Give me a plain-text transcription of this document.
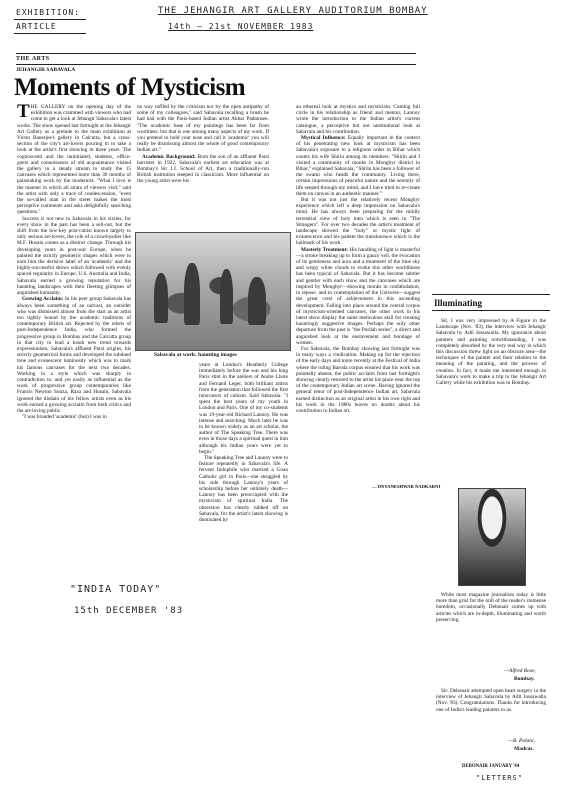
EXHIBITION:
ARTICLE
THE JEHANGIR ART GALLERY AUDITORIUM BOMBAY
14th – 21st NOVEMBER 1983
THE ARTS
JEHANGIR SABAVALA
Moments of Mysticism

THE GALLERY on the opening day of the exhibition was crammed with viewers who had come to get a look at Jehangir Sabavala's latest works. The show opened last fortnight at the Jehangir Art Gallery as a prelude to the main exhibition at Victor Banerjee's gallery in Calcutta, but a cross-section of the city's art-lovers pouring in to take a look at the artist's first showing in three years. The cognoscenti and the uninitiated, students, office-goers and connoisseurs of old acquaintance visited the gallery in a steady stream to study the 15 canvases which represented more than 36 months of painstaking work by the modernist. "What I love is the manner in which all strata of viewers visit," said the artist with only a trace of condescension, "even the so-called man in the street makes the most perceptive comments and asks delightfully searching questions."

Success is not new to Sabavala in his sixties, for every show in the past has been a sell-out, but the shift from the low-key post-cubist known largely to only serious art-lovers, the role of a crowd-puller like M.F. Husain comes as a distinct change. Through his developing years in post-war Europe, when he painted the strictly geometric shapes which were to earn him the derisive label of an 'academic' and the highly-successful shows which followed with evenly spaced regularity in Europe, U.S. Australia and India, Sabavala earned a growing reputation for his haunting landscapes with their fleeting glimpses of anguished humanity.

Growing Acclaim: In his peer group Sabavala has always been something of an outcast, an outsider who was dismissed almost from the start as an artist too tightly bound by the academic traditions of contemporary British art. Rejected by the rebels of post-Independence India, who formed the progressive group in Bombay and the Calcutta group in that city to lead a brash new trend towards expressionism, Sabavala's affluent Parsi origins, his strictly geometrical forms and developed the subdued tone and evanescent luminosity which was to mark his famous canvases for the next two decades. Working in a style which was sharply in contradiction to, and yet easily as influential as the work of progressive group contemporaries like Francis Newton Souza, Raza and Husain, Sabavala ignored the disdain of his fellow artists even as his work earned a growing acclaim from both critics and the art-loving public.

"I was branded 'academic' (but) I was in

no way ruffled by the criticism nor by the open antipathy of some of my colleagues," said Sabavala recalling a brush he had had with the Paris-based Indian artist Akbar Padamsee. "The academic base of my paintings has been far from worthless: but that is one among many aspects of my work. If you pretend to hold your nose and call it 'academic' you will really be dismissing almost the whole of good contemporary Indian art."

Academic Background: Born the son of an affluent Parsi barrister in 1922, Sabavala's earliest art education was at Bombay's Sir J.J. School of Art, then a traditionally-run British institution steeped in classicism. More influential on the young artist were his

Sabavala at work: haunting images

years at London's Heatherly College immediately before the war and his long Paris stint in the ateliers of Andre Lhote and Fernand Leger, both brilliant artists from the generation that followed the first innovators of cubism. Said Sabavala: "I spent the best years of my youth in London and Paris. One of my co-students was 19-year-old Richard Lannoy. He was intense and searching. Much later he was to be known widely as an art scholar, the author of The Speaking Tree. There was even in those days a spiritual quest in him although his Indian years were yet to begin."

The Speaking Tree and Lannoy were to feature repeatedly in Sabavala's life. A fervent Indophile who married a Goan Catholic girl in Paris—she struggled by his side through Lannoy's years of scholarship before her untimely death—Lannoy has been preoccupied with the mysticism of spiritual India. The obsession has clearly rubbed off on Sabavala, for the artist's latest showing is dominated by

an ethereal look at mystics and mysticism. Coming full circle in his relationship as friend and mentor, Lannoy wrote the introduction to the Indian artist's current catalogue, a perceptive but not unemotional look at Sabavala and his contribution.

Mystical Influence: Equally important in the context of his penetrating new look at mysticism has been Sabavala's exposure to a religious order in Bihar which counts his wife Shirin among its members. "Shirin and I visited a community of monks in Monghyr district in Bihar," explained Sabavala, "Shirin has been a follower of the swami who heads the community. Living there, certain impressions of peaceful nature and the serenity of life seeped through my mind, and I have tried to re-create them on canvas in an authentic manner."

But it was not just the relatively recent Monghyr experience which left a deep impression on Sabavala's mind. He has always been preparing for the mildly terrestrial view of holy men which is seen in "The Strangers". For over two decades the artist's treatment of landscape showed the "holy" or mystic light of evanescence and his palette the translucence which is the hallmark of his work.

Masterly Treatment: His handling of light is masterful—a stroke breaking up to form a gauzy veil, the evocation of its gentleness and aura and a treatment of the blue sky and wispy white clouds to evoke this other worldliness has been typical of Sabavala. But it has become subtler and gentler with each show and the canvases which are inspired by Monghyr—showing monks in confabulation, in repose, and in contemplation of the Universe—suggest the great crest of achievement in this ascending development. Falling into place around the central corpus of mysticism-oriented canvases, the other work in his latest show display the same meticulous skill for creating hauntingly suggestive images. Perhaps the only other departure from the past is "the Purdah series", a direct and anguished look at the enslavement and bondage of women.

For Sabavala, the Bombay showing last fortnight was in many ways a vindication. Making up for the rejection of the early days and more recently at the Festival of India where the ruling Baroda corpus ensured that his work was pointedly absent, the public acclaim from last fortnight's showing clearly restored to the artist his place near the top of the contemporary Indian art scene. Having ignored the general tenor of post-Independence Indian art, Sabavala earned distinction as an original artist in his own right and his work in the 1980s leaves no doubts about his contribution to Indian art.

— DNYANESHWAR NADKARNI
"INDIA TODAY"
15th DECEMBER '83
Illuminating

Sir, I was very impressed by A Figure in the Landscape (Nov. '83), the interview with Jehangir Sabavala by Adil Jussawalla. My ignorance about painters and painting notwithstanding, I was completely absorbed by the very real way in which this discussion threw light on an obscure area—the techniques of the painter and their relation to the meaning of the painting, and the process of creation. In fact, it made me interested enough in Sabavala's work to make a trip to the Jehangir Art Gallery while his exhibition was in Bombay.

While most magazine journalism today is little more than grist for the mill of the reader's immense boredom, occasionally Debonair comes up with articles which are in-depth, illuminating and worth preserving.

—Alfred Rose,
Bombay.

Sir: Debonair attempted open heart surgery in the interview of Jehangir Sabavala by Adil Jussawalla (Nov. '83). Congratulations. Thanks for introducing one of India's leading painters to us.

—B. Palani,
Madras.
DEBONAIR JANUARY '84
"LETTERS"
